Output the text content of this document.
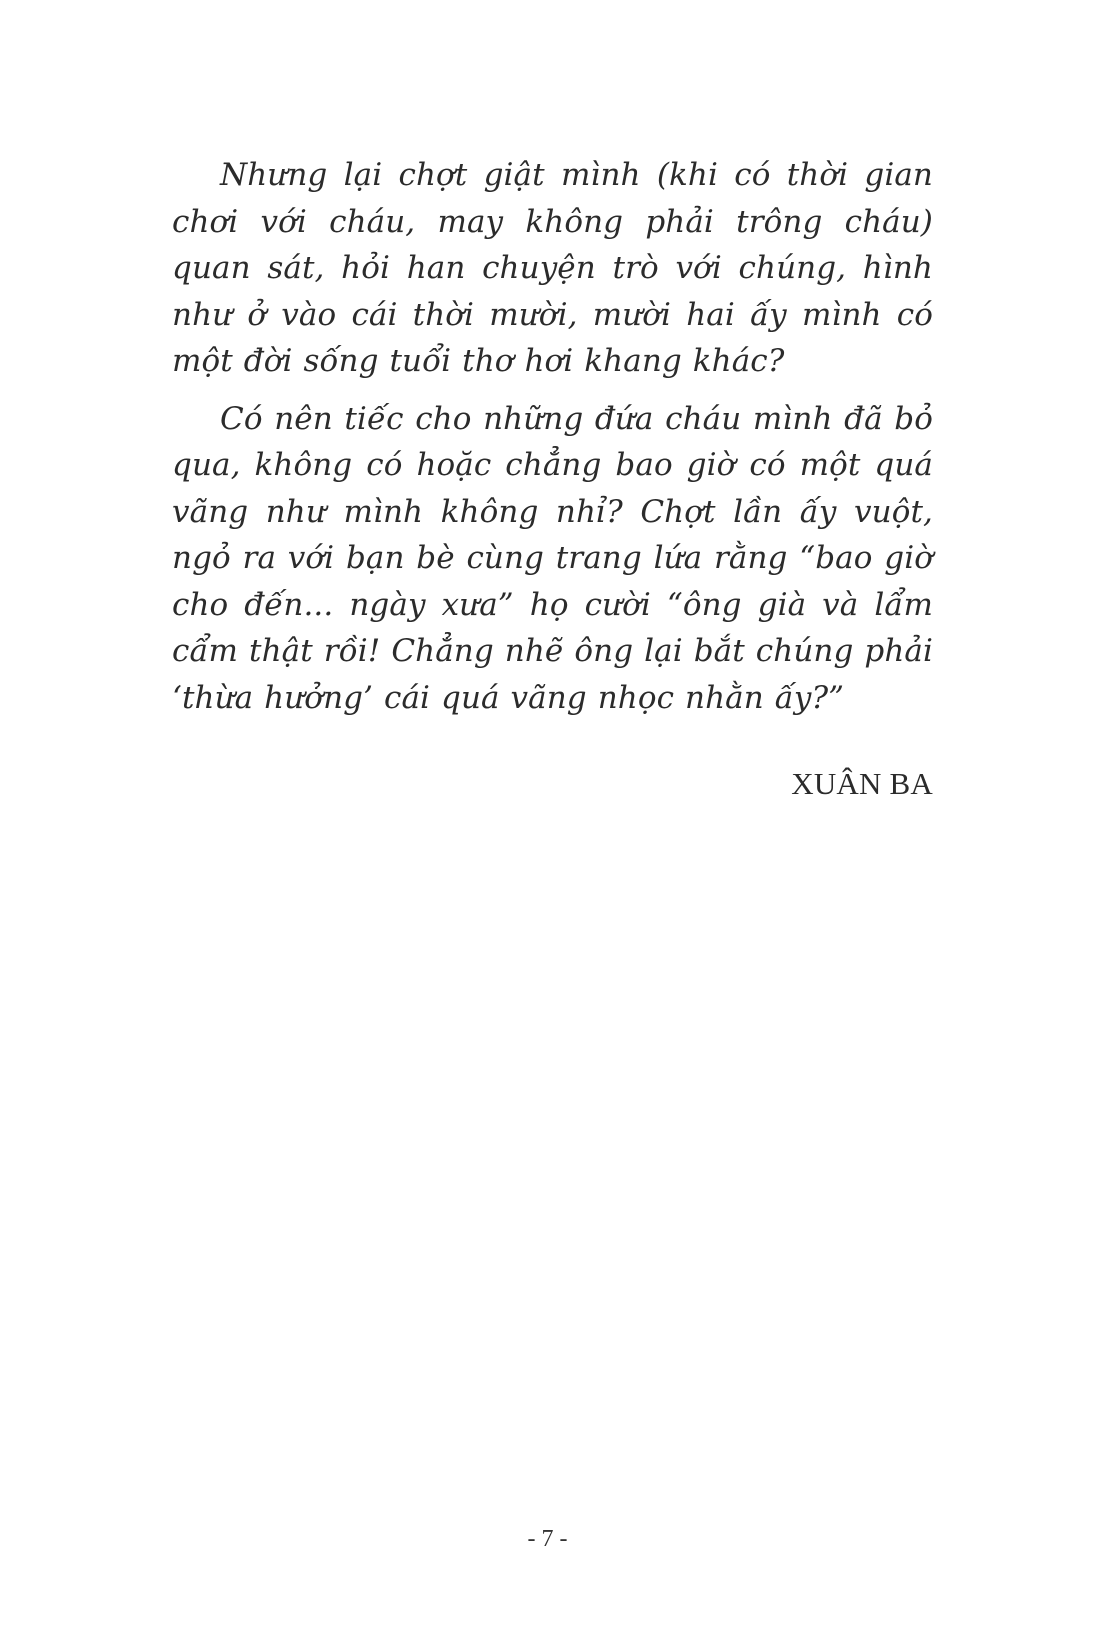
Nhưng lại chợt giật mình (khi có thời gian chơi với cháu, may không phải trông cháu) quan sát, hỏi han chuyện trò với chúng, hình như ở vào cái thời mười, mười hai ấy mình có một đời sống tuổi thơ hơi khang khác?

Có nên tiếc cho những đứa cháu mình đã bỏ qua, không có hoặc chẳng bao giờ có một quá vãng như mình không nhỉ? Chợt lần ấy vuột, ngỏ ra với bạn bè cùng trang lứa rằng “bao giờ cho đến... ngày xưa” họ cười “ông già và lẩm cẩm thật rồi! Chẳng nhẽ ông lại bắt chúng phải ‘thừa hưởng’ cái quá vãng nhọc nhằn ấy?”

XUÂN BA

- 7 -
